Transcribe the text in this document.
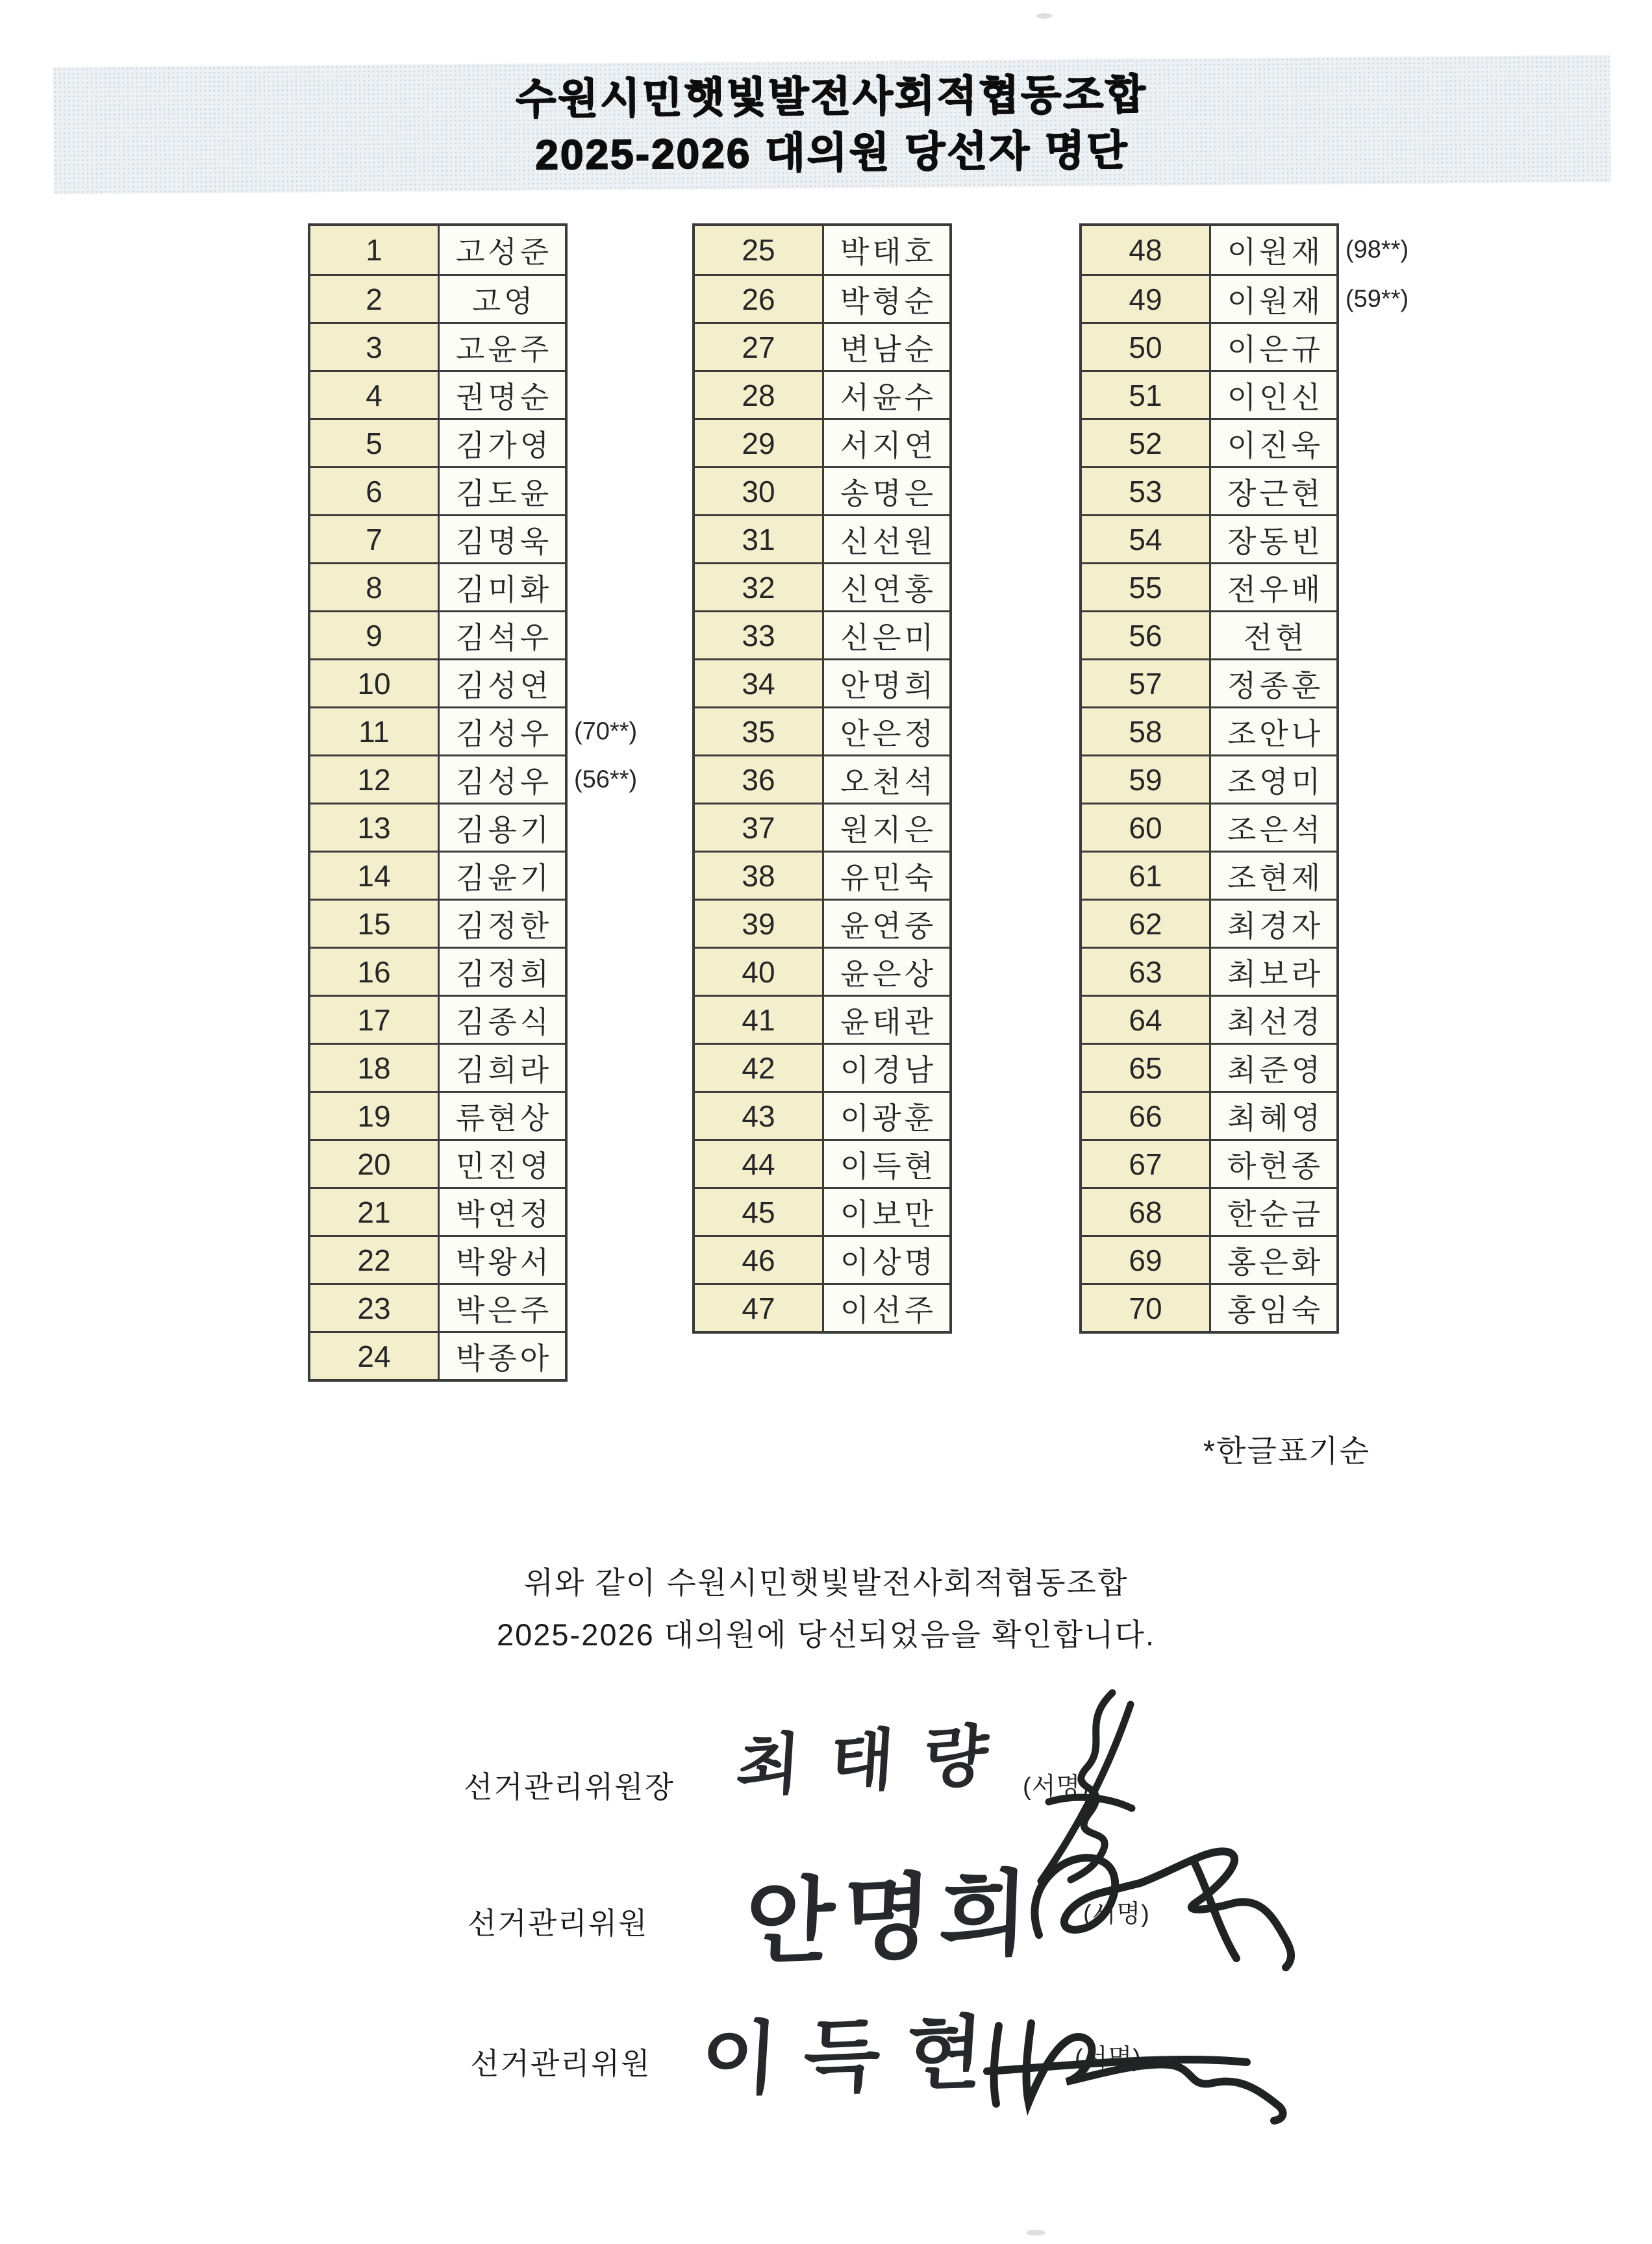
수원시민햇빛발전사회적협동조합
2025-2026 대의원 당선자 명단
1	고성준
2	고영
3	고윤주
4	권명순
5	김가영
6	김도윤
7	김명욱
8	김미화
9	김석우
10	김성연
11	김성우 (70**)
12	김성우 (56**)
13	김용기
14	김윤기
15	김정한
16	김정희
17	김종식
18	김희라
19	류현상
20	민진영
21	박연정
22	박왕서
23	박은주
24	박종아
25	박태호
26	박형순
27	변남순
28	서윤수
29	서지연
30	송명은
31	신선원
32	신연홍
33	신은미
34	안명희
35	안은정
36	오천석
37	원지은
38	유민숙
39	윤연중
40	윤은상
41	윤태관
42	이경남
43	이광훈
44	이득현
45	이보만
46	이상명
47	이선주
48	이원재 (98**)
49	이원재 (59**)
50	이은규
51	이인신
52	이진욱
53	장근현
54	장동빈
55	전우배
56	전현
57	정종훈
58	조안나
59	조영미
60	조은석
61	조현제
62	최경자
63	최보라
64	최선경
65	최준영
66	최혜영
67	하헌종
68	한순금
69	홍은화
70	홍임숙
*한글표기순
위와 같이 수원시민햇빛발전사회적협동조합
2025-2026 대의원에 당선되었음을 확인합니다.
선거관리위원장 최태량 (서명)
선거관리위원 안명희 (서명)
선거관리위원 이득현	(서명)
